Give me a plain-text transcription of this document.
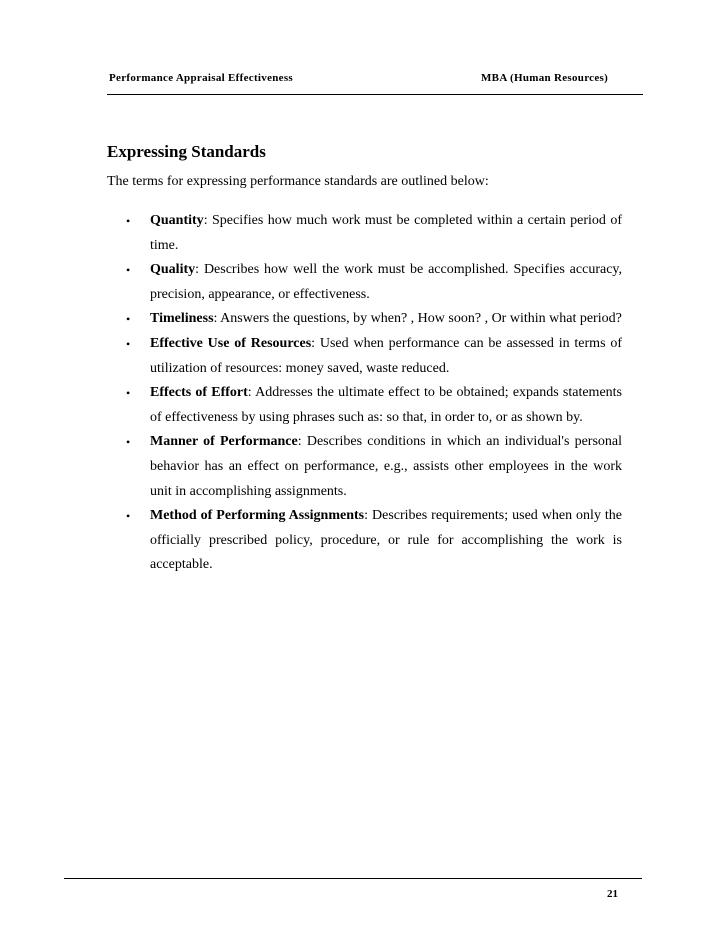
Performance Appraisal Effectiveness	MBA (Human Resources)
Expressing Standards
The terms for expressing performance standards are outlined below:
• Quantity: Specifies how much work must be completed within a certain period of time.
• Quality: Describes how well the work must be accomplished. Specifies accuracy, precision, appearance, or effectiveness.
• Timeliness: Answers the questions, by when? , How soon? , Or within what period?
• Effective Use of Resources: Used when performance can be assessed in terms of utilization of resources: money saved, waste reduced.
• Effects of Effort: Addresses the ultimate effect to be obtained; expands statements of effectiveness by using phrases such as: so that, in order to, or as shown by.
• Manner of Performance: Describes conditions in which an individual's personal behavior has an effect on performance, e.g., assists other employees in the work unit in accomplishing assignments.
• Method of Performing Assignments: Describes requirements; used when only the officially prescribed policy, procedure, or rule for accomplishing the work is acceptable.
21
